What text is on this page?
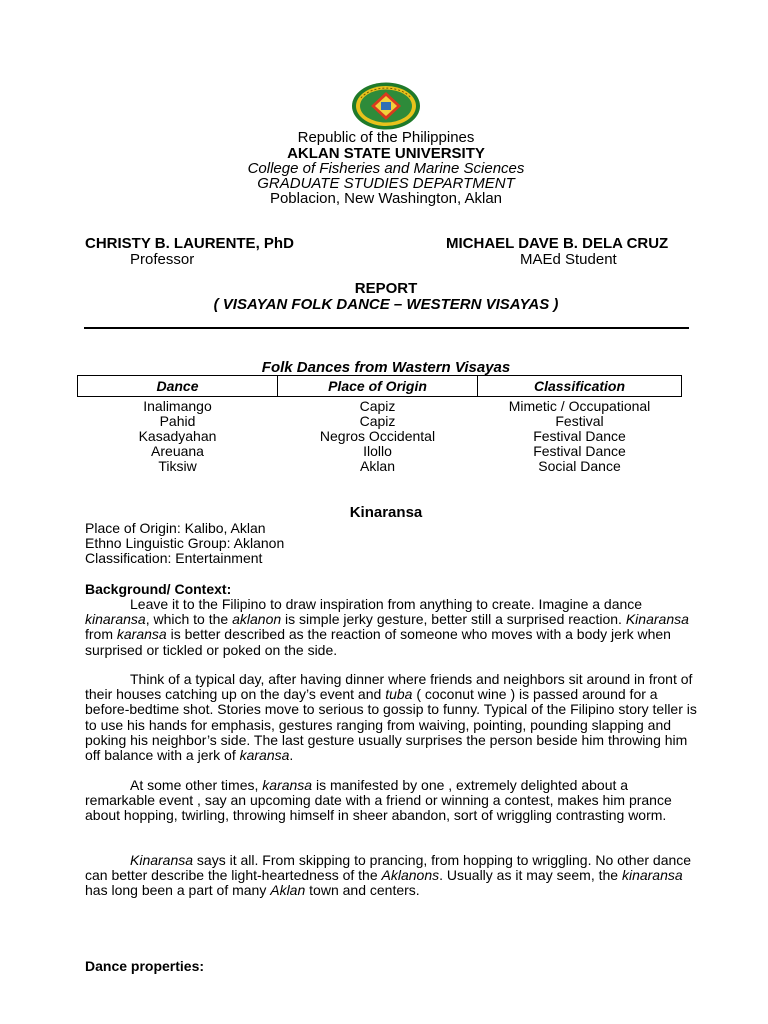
Republic of the Philippines
AKLAN STATE UNIVERSITY
College of Fisheries and Marine Sciences
GRADUATE STUDIES DEPARTMENT
Poblacion, New Washington, Aklan
CHRISTY B. LAURENTE, PhD
Professor
MICHAEL DAVE B. DELA CRUZ
MAEd Student
REPORT
( VISAYAN FOLK DANCE – WESTERN VISAYAS )
Folk Dances from Wastern Visayas
Dance	Place of Origin	Classification
Inalimango	Capiz	Mimetic / Occupational
Pahid	Capiz	Festival
Kasadyahan	Negros Occidental	Festival Dance
Areuana	Ilollo	Festival Dance
Tiksiw	Aklan	Social Dance
Kinaransa
Place of Origin: Kalibo, Aklan
Ethno Linguistic Group: Aklanon
Classification: Entertainment
Background/ Context:

Leave it to the Filipino to draw inspiration from anything to create. Imagine a dance kinaransa, which to the aklanon is simple jerky gesture, better still a surprised reaction. Kinaransa from karansa is better described as the reaction of someone who moves with a body jerk when surprised or tickled or poked on the side.

Think of a typical day, after having dinner where friends and neighbors sit around in front of their houses catching up on the day’s event and tuba ( coconut wine ) is passed around for a before-bedtime shot. Stories move to serious to gossip to funny. Typical of the Filipino story teller is to use his hands for emphasis, gestures ranging from waiving, pointing, pounding slapping and poking his neighbor’s side. The last gesture usually surprises the person beside him throwing him off balance with a jerk of karansa.

At some other times, karansa is manifested by one , extremely delighted about a remarkable event , say an upcoming date with a friend or winning a contest, makes him prance about hopping, twirling, throwing himself in sheer abandon, sort of wriggling contrasting worm.

Kinaransa says it all. From skipping to prancing, from hopping to wriggling. No other dance can better describe the light-heartedness of the Aklanons. Usually as it may seem, the kinaransa has long been a part of many Aklan town and centers.

Dance properties:
